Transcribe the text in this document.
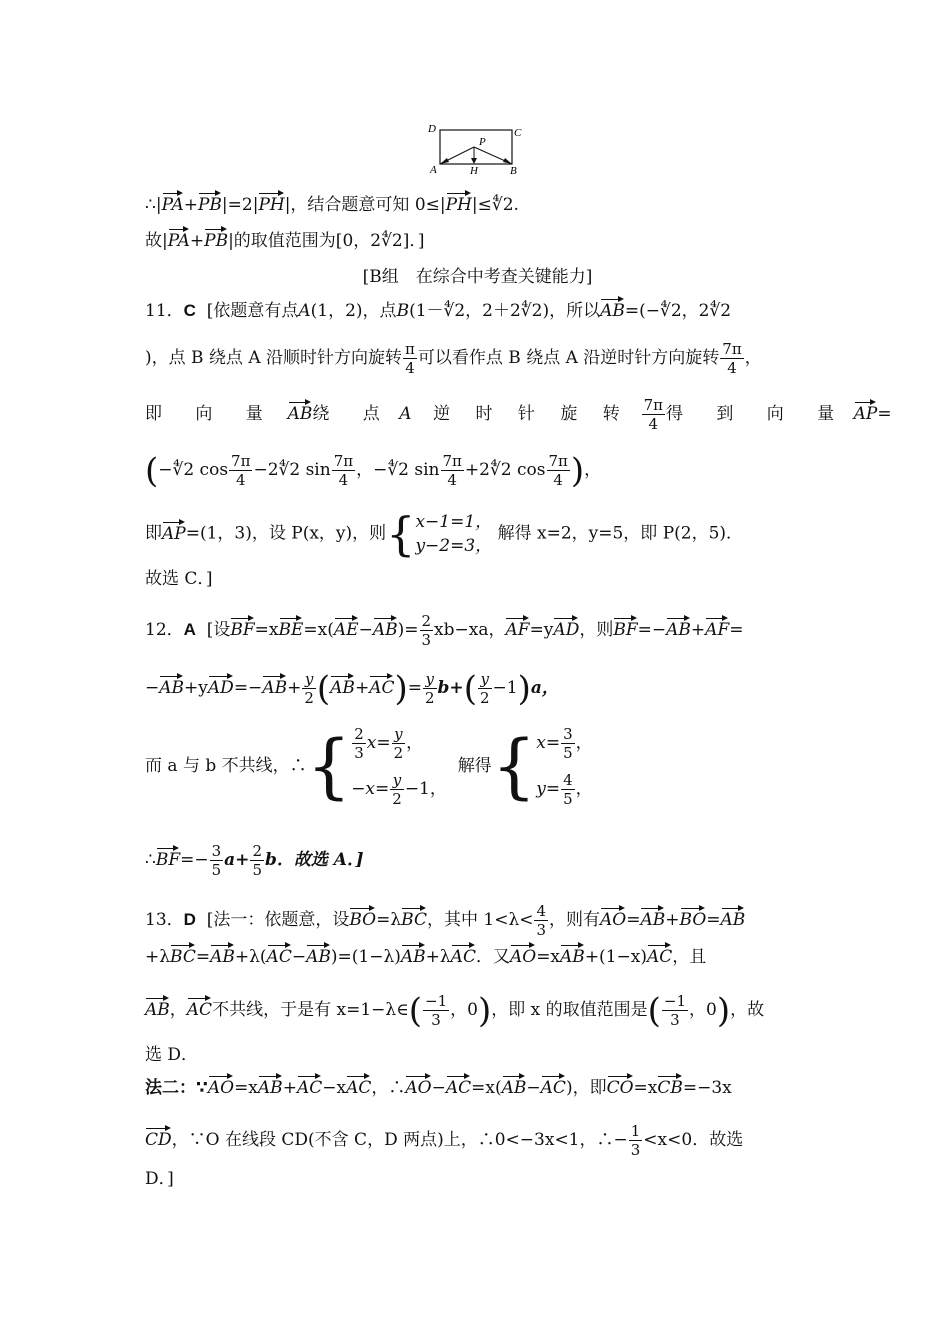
D	C
P
A	H	B
∴|PA+PB|=2|PH|，结合题意可知 0≤|PH|≤∜2.
故|PA+PB|的取值范围为[0，2∜2]．]
[B组　在综合中考查关键能力]
11．C [依题意有点A(1，2)，点B(1－∜2，2＋2∜2)，所以AB=(−∜2，2∜2
)，点 B 绕点 A 沿顺时针方向旋转 $\frac{\pi}{4}$ 可以看作点 B 绕点 A 沿逆时针方向旋转 $\frac{7\pi}{4}$ ，
即 向 量 AB绕 点 A 逆 时 针 旋 转 $\frac{7\pi}{4}$ 得 到 向 量 AP=
(−∜2 $\cos \frac{7\pi}{4}$ −2∜2 $\sin \frac{7\pi}{4}$ ，−∜2 $\sin \frac{7\pi}{4}$ +2∜2 $\cos \frac{7\pi}{4}$ )，
即AP=(1，3)，设 P(x，y)，则{ x−1=1，
y−2=3，
解得 x=2，y=5，即 P(2，5)．
故选 C．]
12．A [设$BF=xBE=x(AE-AB)= \frac{2}{3} xb-xa$，AF=yAD，则BF=−AB+AF=
$-AB+yAD=-AB+ \frac{y}{2} (AB+AC)= \frac{y}{2} b+( \frac{y}{2} -1)a$，
而 a 与 b 不共线，∴{ $\frac{2}{3} x= \frac{y}{2}$ ，
$-x= \frac{y}{2} -1$，
解得{ $x= \frac{3}{5}$ ，
$y= \frac{4}{5}$ ，
∴BF=− $\frac{3}{5} a+ \frac{2}{5}$ b．故选 A．]
13．D [法一：依题意，设BO=λBC，其中 $1<\lambda< \frac{4}{3}$ ，则有AO=AB+BO=AB
+λBC=AB+λ(AC−AB)=(1−λ)AB+λAC．又AO=xAB+(1−x)AC，且
AB，AC不共线，于是有 x=1−λ∈( $\frac{-1}{3}$ ，0)，即 x 的取值范围是( $\frac{-1}{3}$ ，0)，故
选 D．
法二：∵AO=xAB+AC−xAC，∴AO−AC=x(AB−AC)，即CO=xCB=−3x
CD，∵O 在线段 CD(不含 C，D 两点)上，∴0<−3x<1，∴− $\frac{1}{3} <x<0$．故选
D．]
